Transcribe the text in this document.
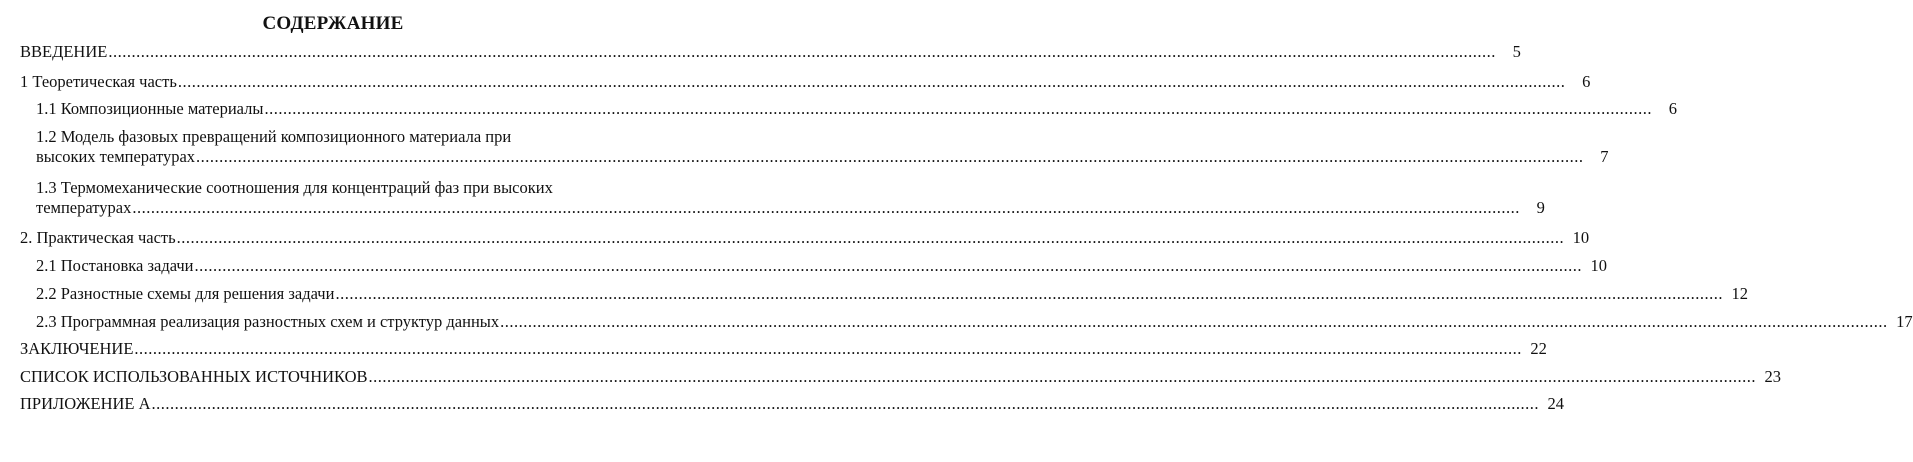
СОДЕРЖАНИЕ
ВВЕДЕНИЕ ............................................................................................................................................................................................................................................................................................................	5
1 Теоретическая часть ............................................................................................................................................................................................................................................................................................................	6
1.1 Композиционные материалы ............................................................................................................................................................................................................................................................................................................	6
1.2 Модель фазовых превращений композиционного материала при
высоких температурах ............................................................................................................................................................................................................................................................................................................	7
1.3 Термомеханические соотношения для концентраций фаз при высоких
температурах ............................................................................................................................................................................................................................................................................................................	9
2. Практическая часть ............................................................................................................................................................................................................................................................................................................ 10
2.1 Постановка задачи ............................................................................................................................................................................................................................................................................................................ 10
2.2 Разностные схемы для решения задачи ............................................................................................................................................................................................................................................................................................................ 12
2.3 Программная реализация разностных схем и структур данных ............................................................................................................................................................................................................................................................................................................ 17
ЗАКЛЮЧЕНИЕ ............................................................................................................................................................................................................................................................................................................ 22
СПИСОК ИСПОЛЬЗОВАННЫХ ИСТОЧНИКОВ ............................................................................................................................................................................................................................................................................................................ 23
ПРИЛОЖЕНИЕ А ............................................................................................................................................................................................................................................................................................................ 24
